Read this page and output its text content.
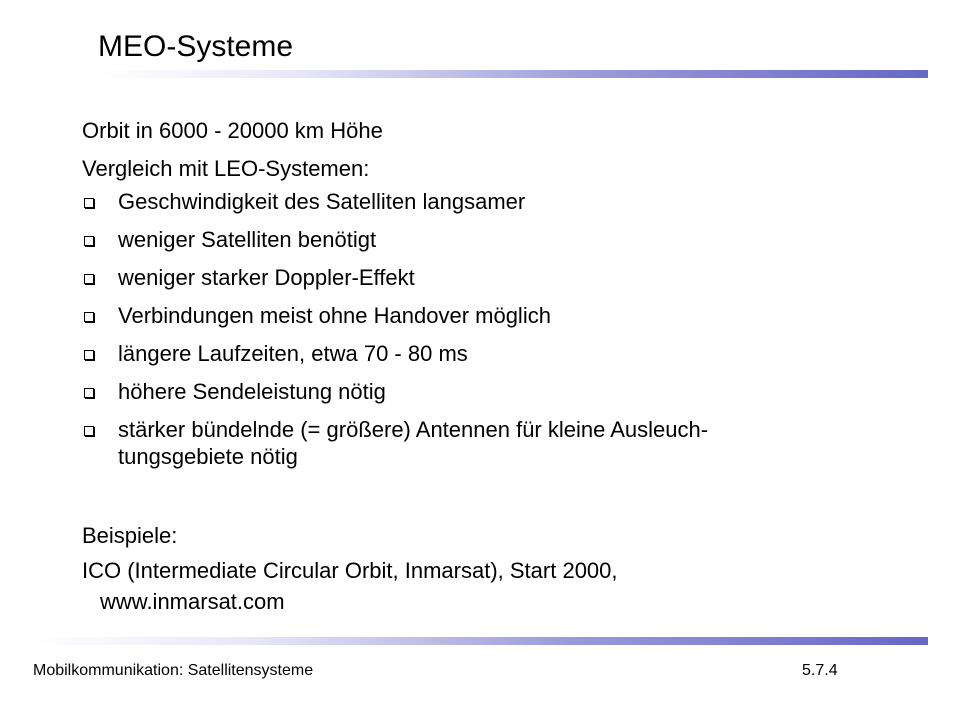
MEO-Systeme
Orbit in 6000 - 20000 km Höhe
Vergleich mit LEO-Systemen:
Geschwindigkeit des Satelliten langsamer
weniger Satelliten benötigt
weniger starker Doppler-Effekt
Verbindungen meist ohne Handover möglich
längere Laufzeiten, etwa 70 - 80 ms
höhere Sendeleistung nötig
stärker bündelnde (= größere) Antennen für kleine Ausleuch-
tungsgebiete nötig
Beispiele:
ICO (Intermediate Circular Orbit, Inmarsat), Start 2000,
www.inmarsat.com
Mobilkommunikation: Satellitensysteme	5.7.4
